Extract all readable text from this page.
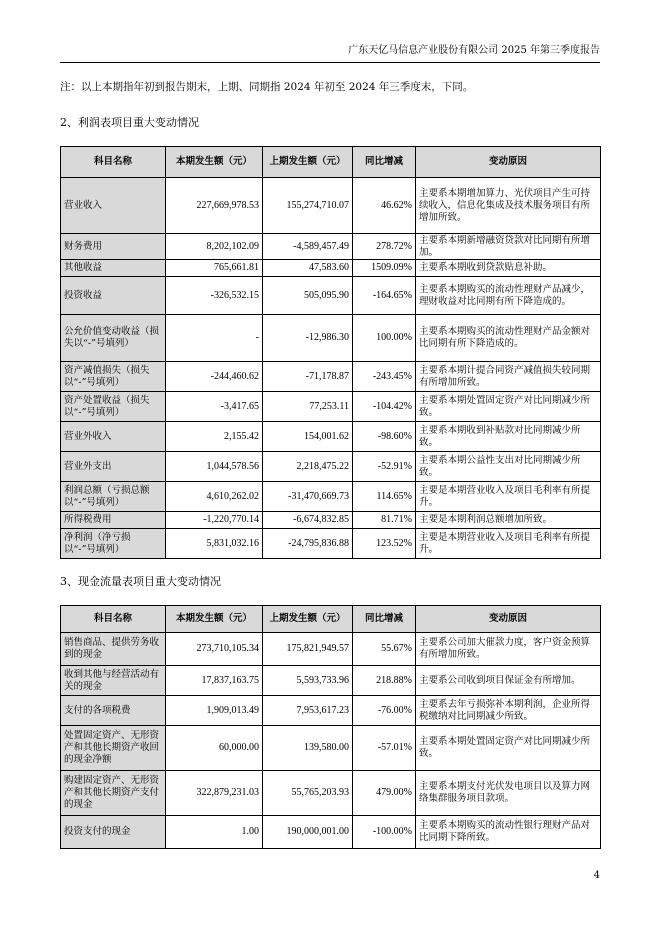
广东天亿马信息产业股份有限公司 2025 年第三季度报告
注：以上本期指年初到报告期末，上期、同期指 2024 年初至 2024 年三季度末，下同。
2、利润表项目重大变动情况
科目名称	本期发生额（元）	上期发生额（元）	同比增减	变动原因
营业收入	227,669,978.53	155,274,710.07	46.62%	主要系本期增加算力、光伏项目产生可持续收入，信息化集成及技术服务项目有所增加所致。
财务费用	8,202,102.09	-4,589,457.49	278.72%	主要系本期新增融资贷款对比同期有所增加。
其他收益	765,661.81	47,583.60	1509.09%	主要系本期收到贷款贴息补助。
投资收益	-326,532.15	505,095.90	-164.65%	主要系本期购买的流动性理财产品减少，理财收益对比同期有所下降造成的。
公允价值变动收益（损失以“-”号填列）	-	-12,986.30	100.00%	主要系本期购买的流动性理财产品金额对比同期有所下降造成的。
资产减值损失（损失以“-”号填列）	-244,460.62	-71,178.87	-243.45%	主要系本期计提合同资产减值损失较同期有所增加所致。
资产处置收益（损失以“-”号填列）	-3,417.65	77,253.11	-104.42%	主要系本期处置固定资产对比同期减少所致。
营业外收入	2,155.42	154,001.62	-98.60%	主要系本期收到补贴款对比同期减少所致。
营业外支出	1,044,578.56	2,218,475.22	-52.91%	主要系本期公益性支出对比同期减少所致。
利润总额（亏损总额以“-”号填列）	4,610,262.02	-31,470,669.73	114.65%	主要是本期营业收入及项目毛利率有所提升。
所得税费用	-1,220,770.14	-6,674,832.85	81.71%	主要是本期利润总额增加所致。
净利润（净亏损以“-”号填列）	5,831,032.16	-24,795,836.88	123.52%	主要是本期营业收入及项目毛利率有所提升。
3、现金流量表项目重大变动情况
科目名称	本期发生额（元）	上期发生额（元）	同比增减	变动原因
销售商品、提供劳务收到的现金	273,710,105.34	175,821,949.57	55.67%	主要系公司加大催款力度，客户资金预算有所增加所致。
收到其他与经营活动有关的现金	17,837,163.75	5,593,733.96	218.88%	主要系公司收到项目保证金有所增加。
支付的各项税费	1,909,013.49	7,953,617.23	-76.00%	主要系去年亏损弥补本期利润，企业所得税缴纳对比同期减少所致。
处置固定资产、无形资产和其他长期资产收回的现金净额	60,000.00	139,580.00	-57.01%	主要系本期处置固定资产对比同期减少所致。
购建固定资产、无形资产和其他长期资产支付的现金	322,879,231.03	55,765,203.93	479.00%	主要系本期支付光伏发电项目以及算力网络集群服务项目款项。
投资支付的现金	1.00	190,000,001.00	-100.00%	主要系本期购买的流动性银行理财产品对比同期下降所致。
4
